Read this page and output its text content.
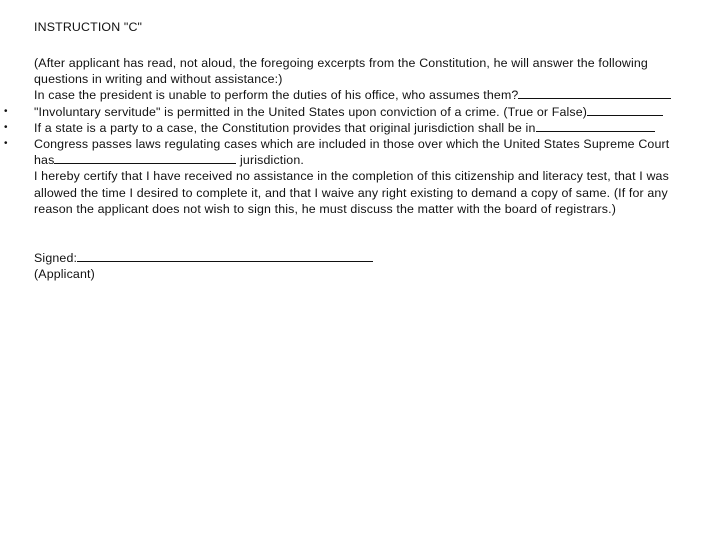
INSTRUCTION "C"

(After applicant has read, not aloud, the foregoing excerpts from the Constitution, he will answer the following questions in writing and without assistance:)

In case the president is unable to perform the duties of his office, who assumes them?

• "Involuntary servitude" is permitted in the United States upon conviction of a crime. (True or False)

• If a state is a party to a case, the Constitution provides that original jurisdiction shall be in

• Congress passes laws regulating cases which are included in those over which the United States Supreme Court has	jurisdiction.

I hereby certify that I have received no assistance in the completion of this citizenship and literacy test, that I was allowed the time I desired to complete it, and that I waive any right existing to demand a copy of same. (If for any reason the applicant does not wish to sign this, he must discuss the matter with the board of registrars.)

Signed:
(Applicant)
